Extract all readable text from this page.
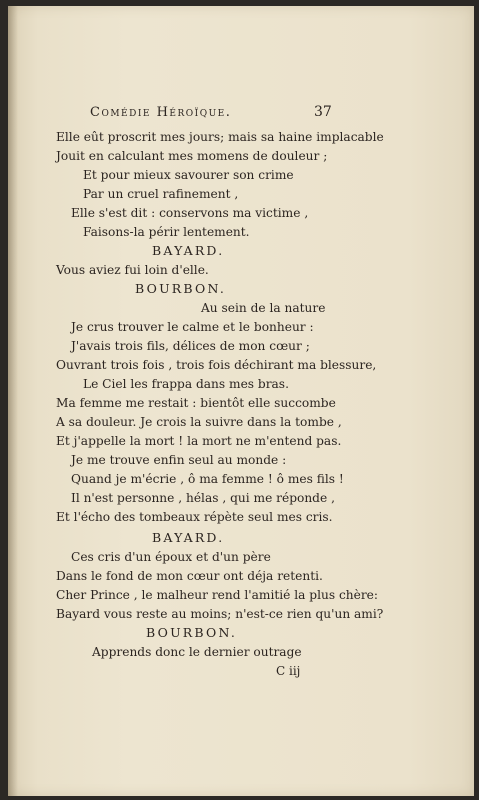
Comédie Héroïque.	37
Elle eût proscrit mes jours; mais sa haine implacable
Jouit en calculant mes momens de douleur ;
Et pour mieux savourer son crime
Par un cruel rafinement ,
Elle s'est dit : conservons ma victime ,
Faisons-la périr lentement.
BAYARD.
Vous aviez fui loin d'elle.
BOURBON.
Au sein de la nature
Je crus trouver le calme et le bonheur :
J'avais trois fils, délices de mon cœur ;
Ouvrant trois fois , trois fois déchirant ma blessure,
Le Ciel les frappa dans mes bras.
Ma femme me restait : bientôt elle succombe
A sa douleur. Je crois la suivre dans la tombe ,
Et j'appelle la mort ! la mort ne m'entend pas.
Je me trouve enfin seul au monde :
Quand je m'écrie , ô ma femme ! ô mes fils !
Il n'est personne , hélas , qui me réponde ,
Et l'écho des tombeaux répète seul mes cris.
BAYARD.
Ces cris d'un époux et d'un père
Dans le fond de mon cœur ont déja retenti.
Cher Prince , le malheur rend l'amitié la plus chère:
Bayard vous reste au moins; n'est-ce rien qu'un ami?
BOURBON.
Apprends donc le dernier outrage
C iij
